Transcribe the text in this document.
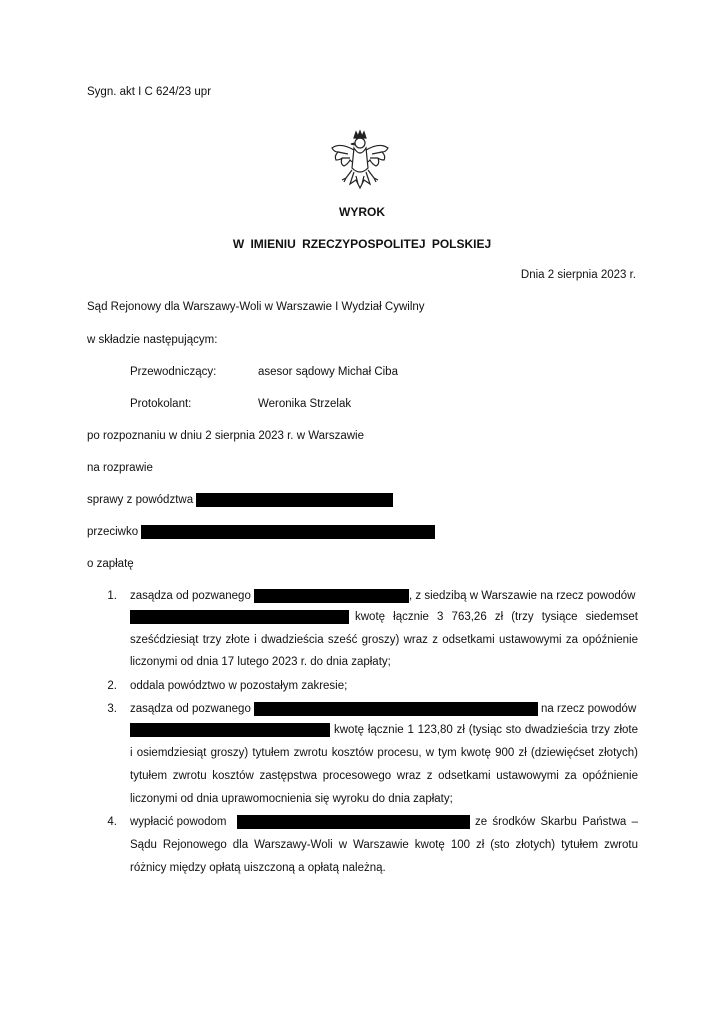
Sygn. akt I C 624/23 upr
WYROK
W IMIENIU RZECZYPOSPOLITEJ POLSKIEJ
Dnia 2 sierpnia 2023 r.
Sąd Rejonowy dla Warszawy-Woli w Warszawie I Wydział Cywilny
w składzie następującym:
Przewodniczący:	asesor sądowy Michał Ciba
Protokolant:	Weronika Strzelak
po rozpoznaniu w dniu 2 sierpnia 2023 r. w Warszawie
na rozprawie
sprawy z powództwa
przeciwko
o zapłatę
1. zasądza od pozwanego	, z siedzibą w Warszawie na rzecz powodów
kwotę łącznie 3 763,26 zł (trzy tysiące siedemset
sześćdziesiąt trzy złote i dwadzieścia sześć groszy) wraz z odsetkami ustawowymi za opóźnienie
liczonymi od dnia 17 lutego 2023 r. do dnia zapłaty;
2. oddala powództwo w pozostałym zakresie;
3. zasądza od pozwanego	na rzecz powodów
kwotę łącznie 1 123,80 zł (tysiąc sto dwadzieścia trzy złote
i osiemdziesiąt groszy) tytułem zwrotu kosztów procesu, w tym kwotę 900 zł (dziewięćset złotych)
tytułem zwrotu kosztów zastępstwa procesowego wraz z odsetkami ustawowymi za opóźnienie
liczonymi od dnia uprawomocnienia się wyroku do dnia zapłaty;
4. wypłacić powodom	ze środków Skarbu Państwa –
Sądu Rejonowego dla Warszawy-Woli w Warszawie kwotę 100 zł (sto złotych) tytułem zwrotu
różnicy między opłatą uiszczoną a opłatą należną.
